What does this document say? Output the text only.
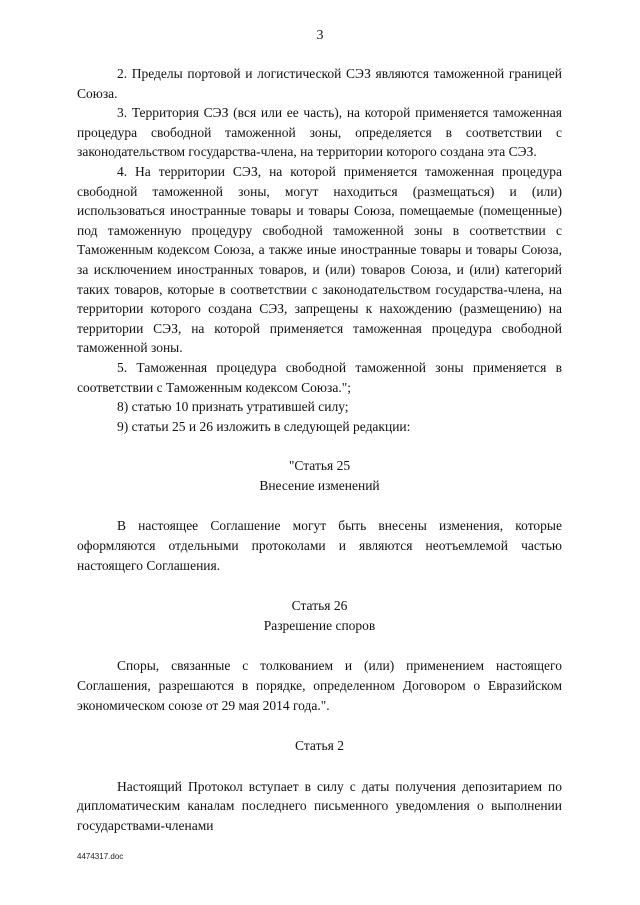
3

2. Пределы портовой и логистической СЭЗ являются таможенной границей Союза.

3. Территория СЭЗ (вся или ее часть), на которой применяется таможенная процедура свободной таможенной зоны, определяется в соответствии с законодательством государства-члена, на территории которого создана эта СЭЗ.

4. На территории СЭЗ, на которой применяется таможенная процедура свободной таможенной зоны, могут находиться (размещаться) и (или) использоваться иностранные товары и товары Союза, помещаемые (помещенные) под таможенную процедуру свободной таможенной зоны в соответствии с Таможенным кодексом Союза, а также иные иностранные товары и товары Союза, за исключением иностранных товаров, и (или) товаров Союза, и (или) категорий таких товаров, которые в соответствии с законодательством государства-члена, на территории которого создана СЭЗ, запрещены к нахождению (размещению) на территории СЭЗ, на которой применяется таможенная процедура свободной таможенной зоны.

5. Таможенная процедура свободной таможенной зоны применяется в соответствии с Таможенным кодексом Союза.";

8) статью 10 признать утратившей силу;

9) статьи 25 и 26 изложить в следующей редакции:

"Статья 25

Внесение изменений

В настоящее Соглашение могут быть внесены изменения, которые оформляются отдельными протоколами и являются неотъемлемой частью настоящего Соглашения.

Статья 26

Разрешение споров

Споры, связанные с толкованием и (или) применением настоящего Соглашения, разрешаются в порядке, определенном Договором о Евразийском экономическом союзе от 29 мая 2014 года.".

Статья 2

Настоящий Протокол вступает в силу с даты получения депозитарием по дипломатическим каналам последнего письменного уведомления о выполнении государствами-членами

4474317.doc
